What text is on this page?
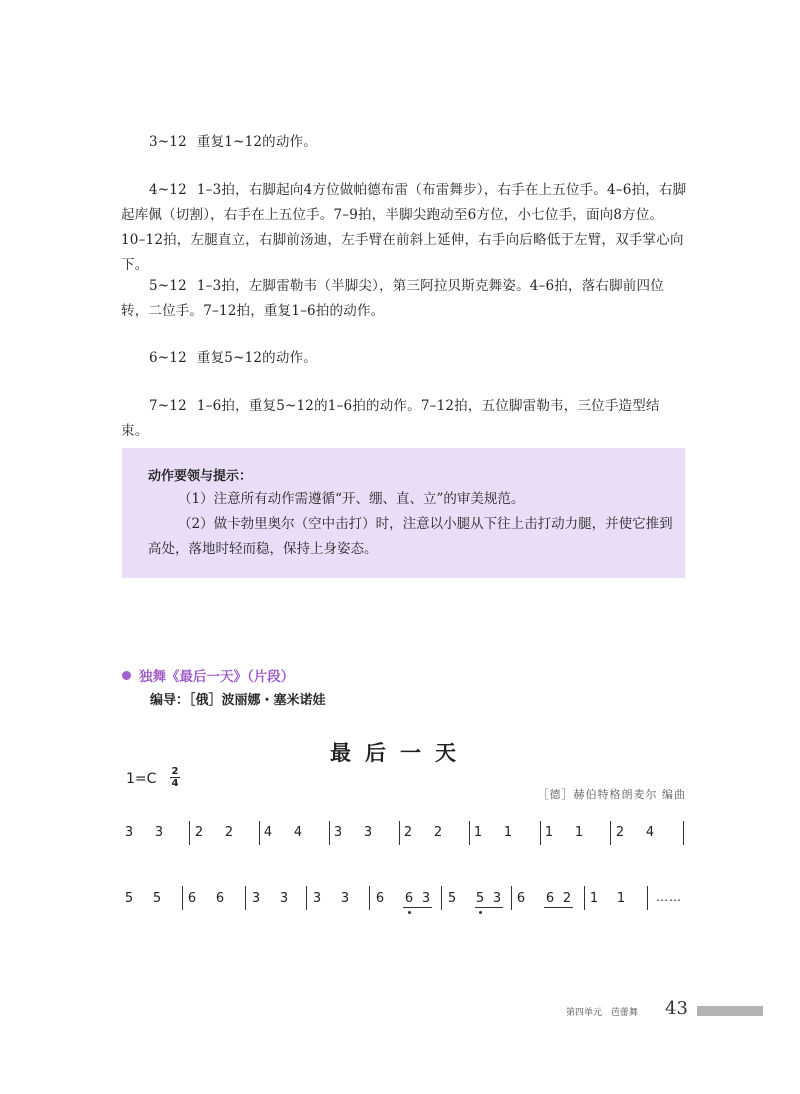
3~12 重复1~12的动作。

4~12 1–3拍，右脚起向4方位做帕德布雷（布雷舞步），右手在上五位手。4–6拍，右脚起库佩（切割），右手在上五位手。7–9拍，半脚尖跑动至6方位，小七位手，面向8方位。10–12拍，左腿直立，右脚前汤迪，左手臂在前斜上延伸，右手向后略低于左臂，双手掌心向下。

5~12 1–3拍，左脚雷勒韦（半脚尖），第三阿拉贝斯克舞姿。4–6拍，落右脚前四位转，二位手。7–12拍，重复1–6拍的动作。

6~12 重复5~12的动作。

7~12 1–6拍，重复5~12的1–6拍的动作。7–12拍，五位脚雷勒韦，三位手造型结束。

动作要领与提示：
（1）注意所有动作需遵循“开、绷、直、立”的审美规范。
（2）做卡勃里奥尔（空中击打）时，注意以小腿从下往上击打动力腿，并使它推到
高处，落地时轻而稳，保持上身姿态。
独舞《最后一天》（片段）
编导：［俄］波丽娜・塞米诺娃
最后一天
1=C 2
4
［德］赫伯特格朗麦尔 编曲
3 3 2 2 4 4 3 3 2 2 1 1	1 1	2 4
5 5 6 6 3 3 3 3 6 6 3 5 5 3 6 6 2 1 1	……
第四单元 芭蕾舞 43
